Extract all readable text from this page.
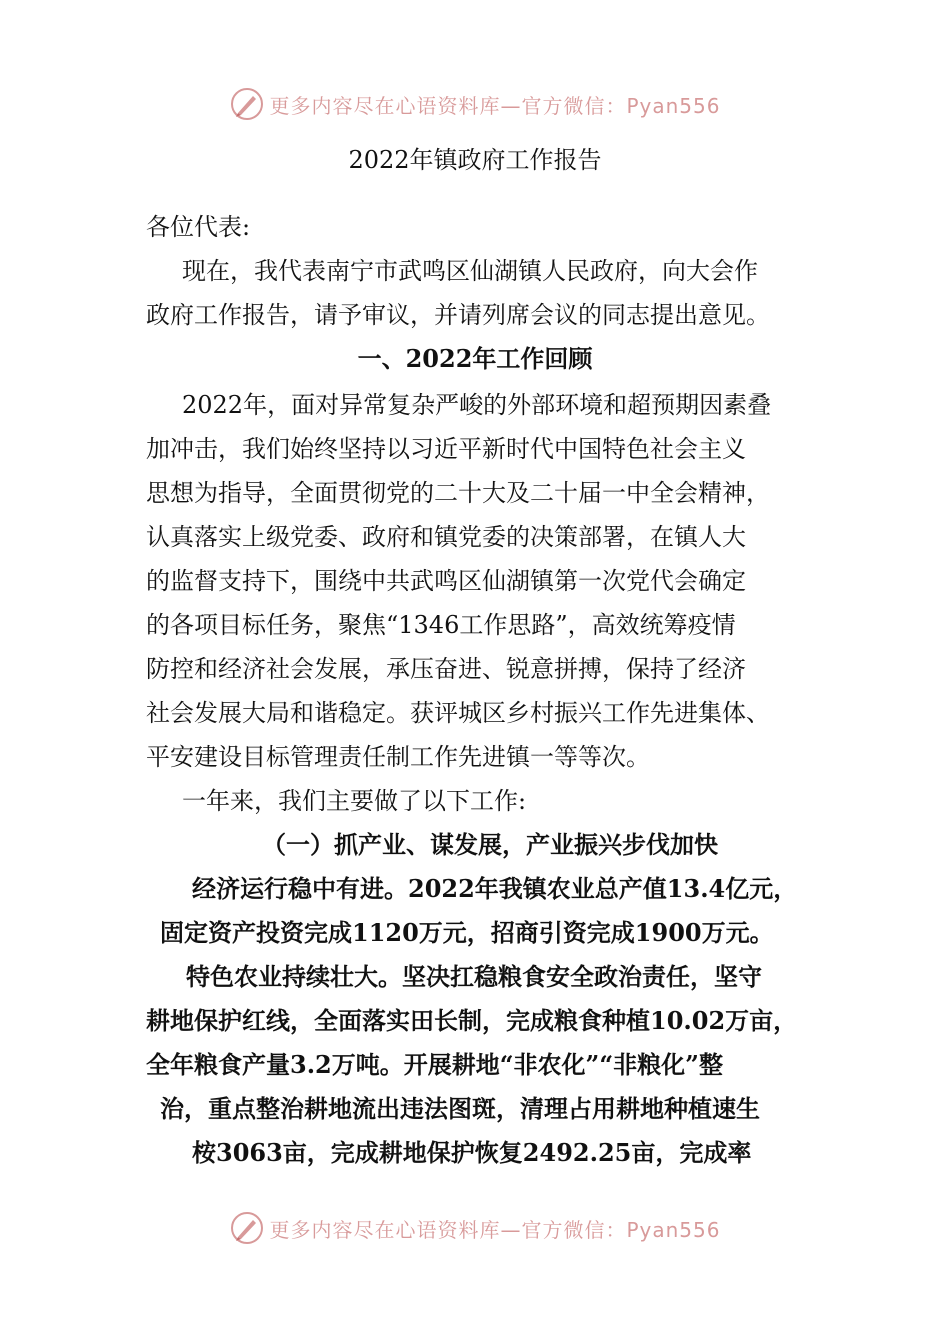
更多内容尽在心语资料库—官方微信：Pyan556
2022年镇政府工作报告
各位代表:
现在，我代表南宁市武鸣区仙湖镇人民政府，向大会作
政府工作报告，请予审议，并请列席会议的同志提出意见。
一、2022年工作回顾
2022年，面对异常复杂严峻的外部环境和超预期因素叠
加冲击，我们始终坚持以习近平新时代中国特色社会主义
思想为指导，全面贯彻党的二十大及二十届一中全会精神，
认真落实上级党委、政府和镇党委的决策部署，在镇人大
的监督支持下，围绕中共武鸣区仙湖镇第一次党代会确定
的各项目标任务，聚焦“1346工作思路”，高效统筹疫情
防控和经济社会发展，承压奋进、锐意拼搏，保持了经济
社会发展大局和谐稳定。获评城区乡村振兴工作先进集体、
平安建设目标管理责任制工作先进镇一等等次。
一年来，我们主要做了以下工作:
（一）抓产业、谋发展，产业振兴步伐加快
经济运行稳中有进。2022年我镇农业总产值13.4亿元，
固定资产投资完成1120万元，招商引资完成1900万元。
特色农业持续壮大。坚决扛稳粮食安全政治责任，坚守
耕地保护红线，全面落实田长制，完成粮食种植10.02万亩，
全年粮食产量3.2万吨。开展耕地“非农化”“非粮化”整
治，重点整治耕地流出违法图斑，清理占用耕地种植速生
桉3063亩，完成耕地保护恢复2492.25亩，完成率
更多内容尽在心语资料库—官方微信：Pyan556
